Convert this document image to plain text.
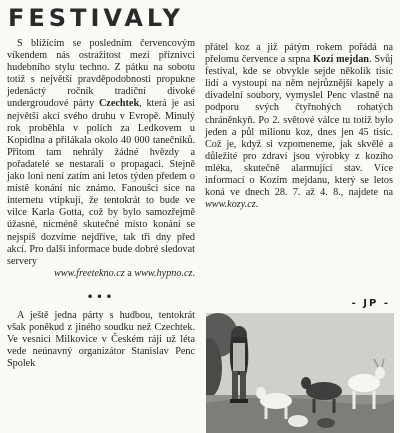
FESTIVALY

S blížícím se posledním červencovým víkendem nás ostražitost mezi příznivci hudebního stylu techno. Z pátku na sobotu totiž s největší pravděpodobností propukne jedenáctý ročník tradiční divoké undergroudové párty Czechtek, která je asi největší akcí svého druhu v Evropě. Minulý rok proběhla v polích za Ledkovem u Kopidlna a přilákala okolo 40 000 tanečníků. Přitom tam nehrály žádné hvězdy a pořadatelé se nestarali o propagaci. Stejně jako loni není zatím ani letos týden předem o místě konání nic známo. Fanoušci sice na internetu vtipkují, že tentokrát to bude ve vilce Karla Gotta, což by bylo samozřejmě úžasné, nicméně skutečné místo konání se nejspíš dozvíme nejdříve, tak tři dny před akcí. Pro další informace bude dobré sledovat servery

www.freetekno.cz a www.hypno.cz.

•••

A ještě jedna párty s hudbou, tentokrát však poněkud z jiného soudku než Czechtek. Ve vesnici Milkovice v Českém ráji už léta vede neúnavný organizátor Stanislav Penc Spolek

přátel koz a již pátým rokem pořádá na přelomu července a srpna Kozí mejdan. Svůj festival, kde se obvykle sejde několik tisíc lidí a vystoupí na něm nejrůznější kapely a divadelní soubory, vymyslel Penc vlastně na podporu svých čtyřnohých rohatých chráněnkyň. Po 2. světové válce tu totiž bylo jeden a půl milionu koz, dnes jen 45 tisíc. Což je, když si vzpomeneme, jak skvělé a důležité pro zdraví jsou výrobky z kozího mléka, skutečně alarmující stav. Více informací o Kozím mejdanu, který se letos koná ve dnech 28. 7. až 4. 8., najdete na www.kozy.cz.

- JP -
